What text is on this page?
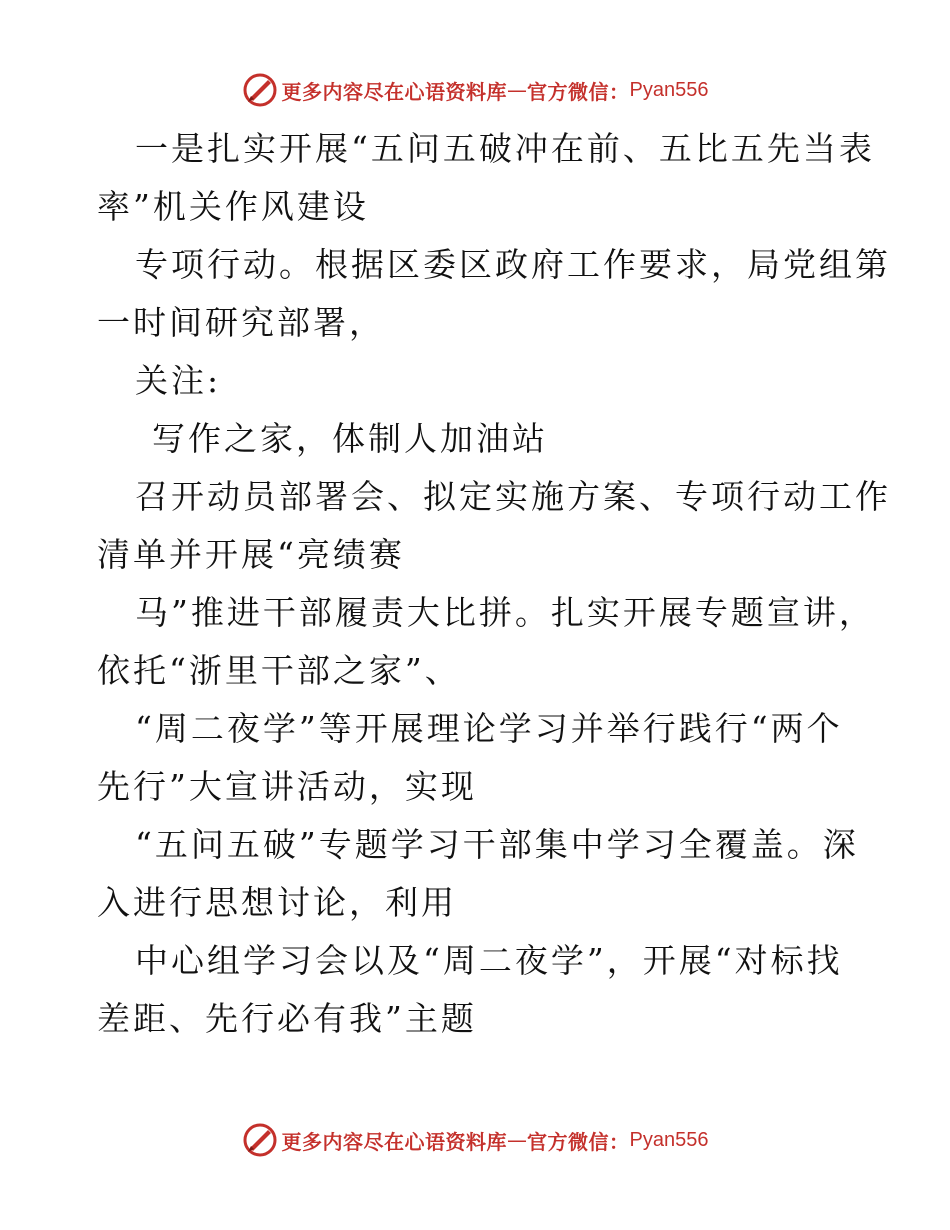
更多内容尽在心语资料库 — 官方微信： Pyan556
一是扎实开展“五问五破冲在前、五比五先当表
率”机关作风建设
专项行动。根据区委区政府工作要求，局党组第
一时间研究部署，
关注:
写作之家，体制人加油站
召开动员部署会、拟定实施方案、专项行动工作
清单并开展“亮绩赛
马”推进干部履责大比拼。扎实开展专题宣讲，
依托“浙里干部之家”、
“周二夜学”等开展理论学习并举行践行“两个
先行”大宣讲活动，实现
“五问五破”专题学习干部集中学习全覆盖。深
入进行思想讨论，利用
中心组学习会以及“周二夜学”，开展“对标找
差距、先行必有我”主题
更多内容尽在心语资料库 — 官方微信： Pyan556
